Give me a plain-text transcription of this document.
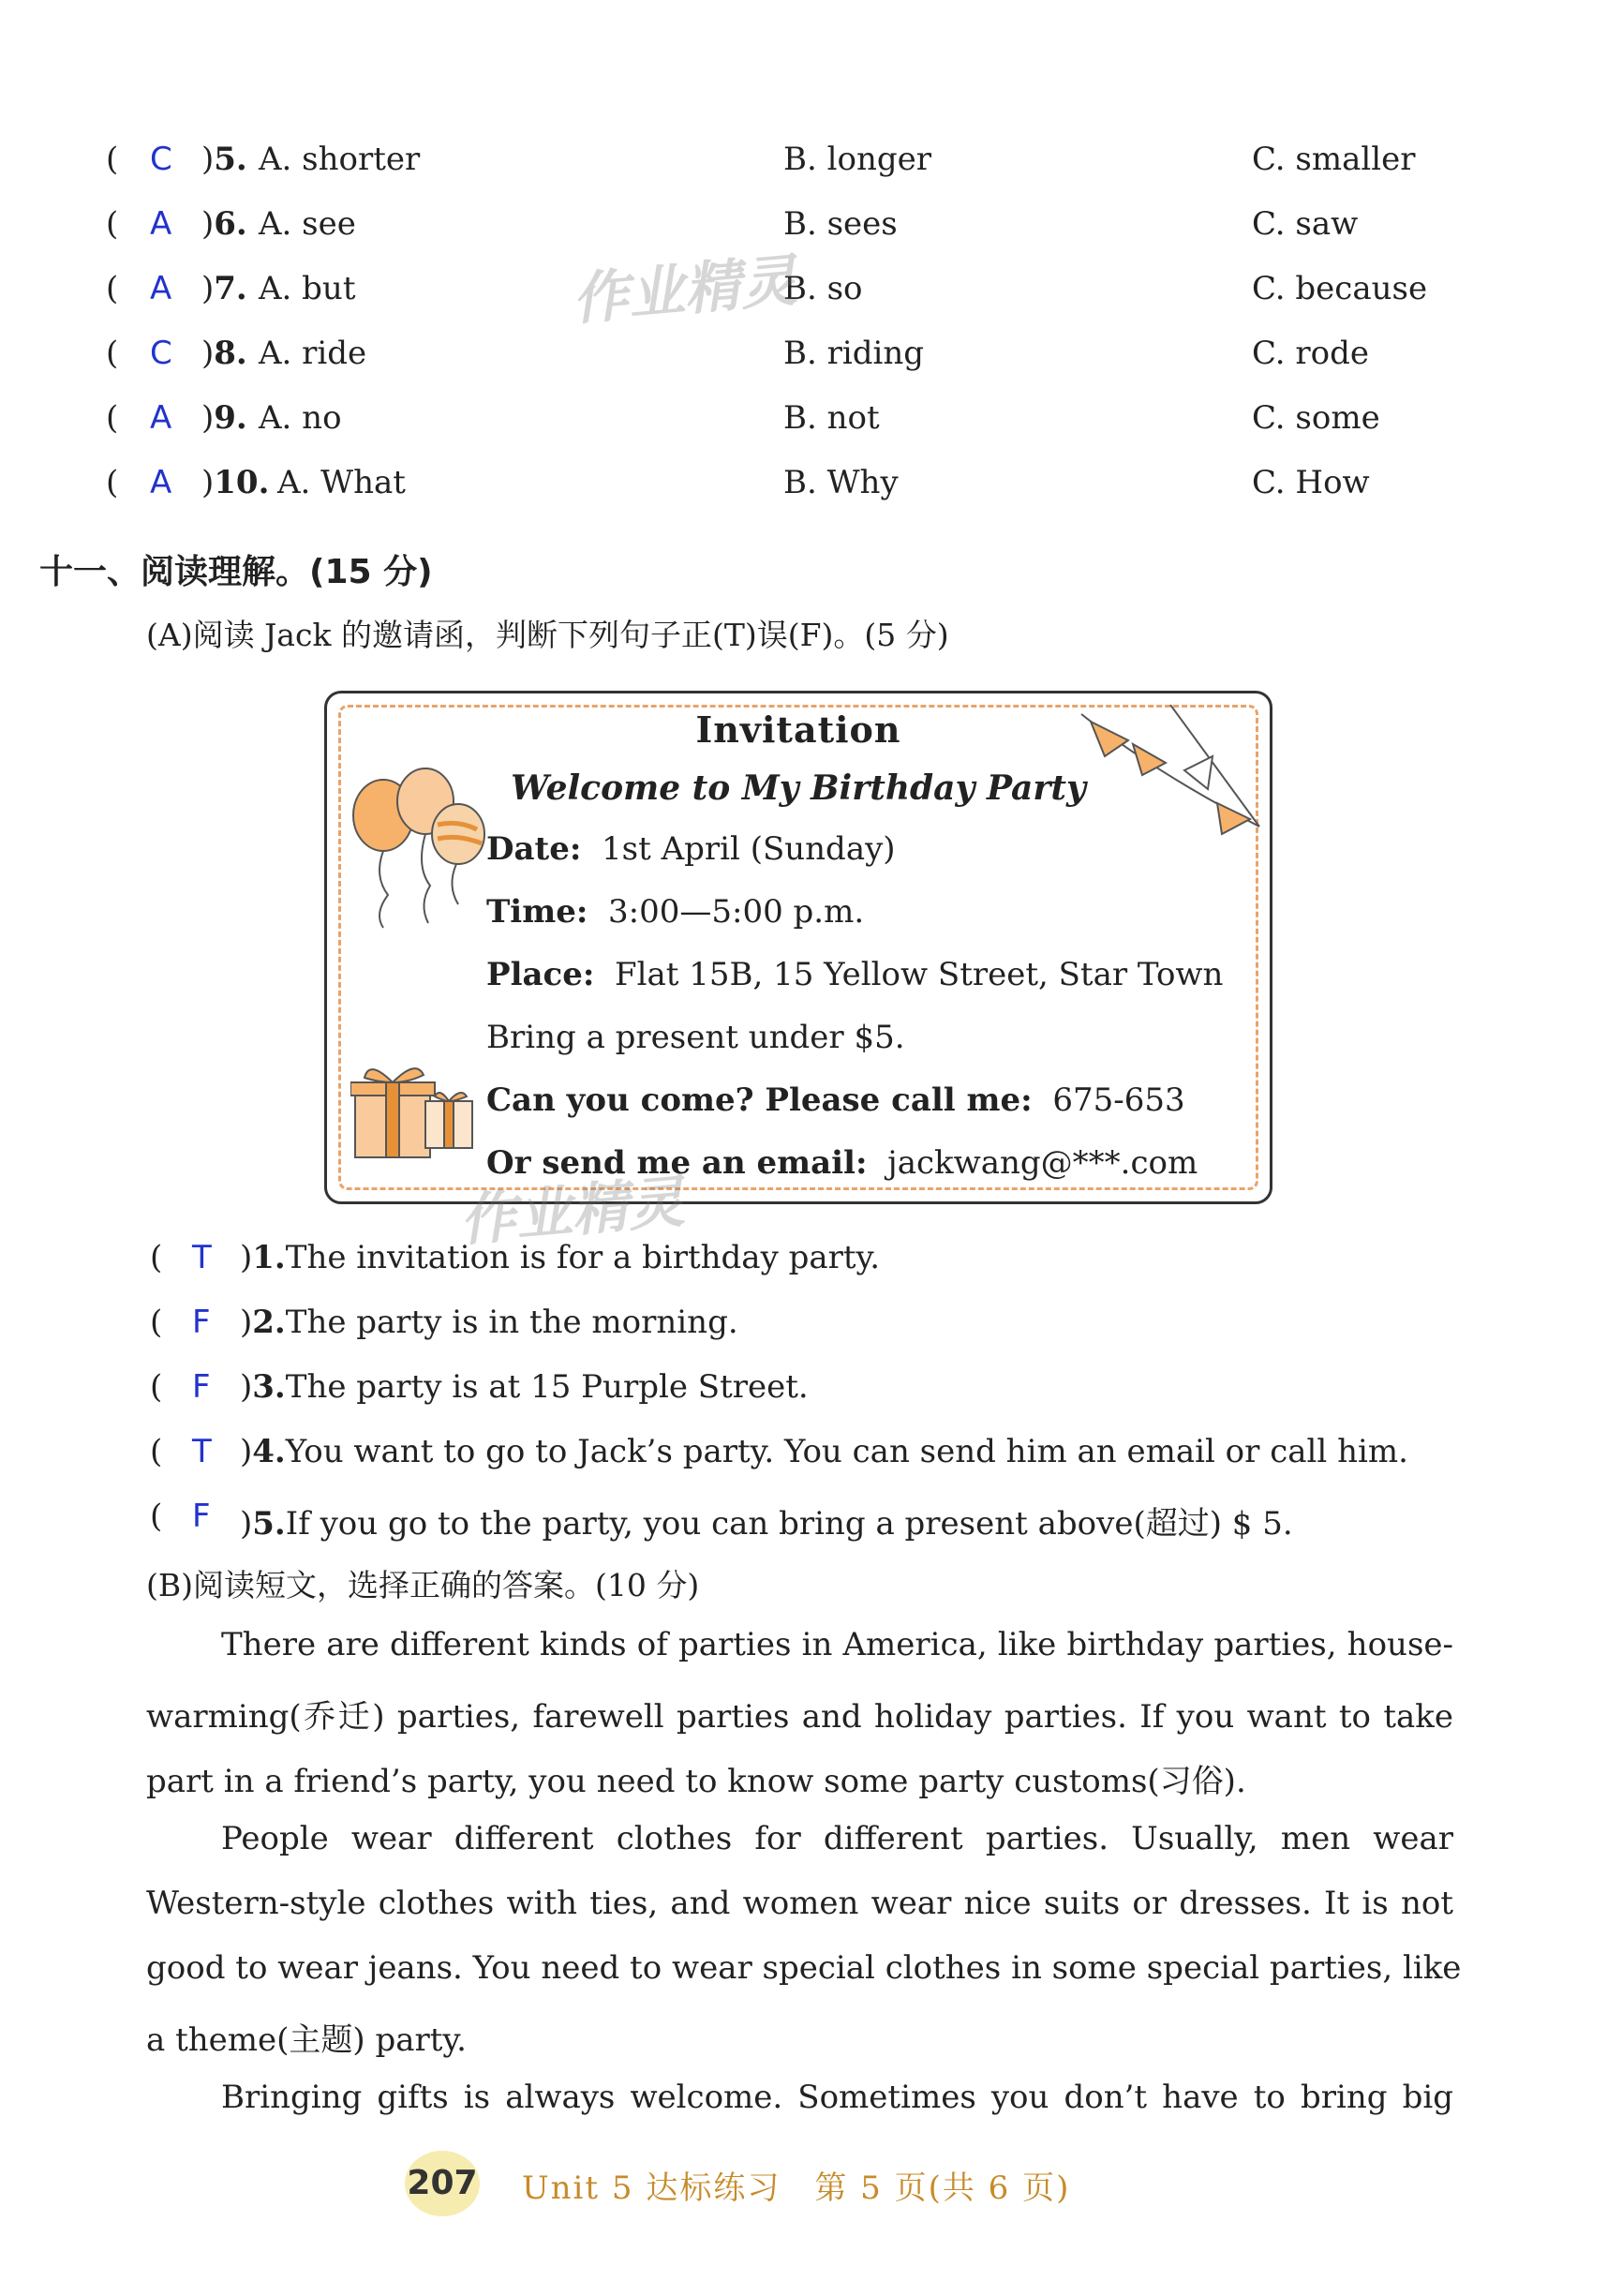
( C )5. A. shorter	B. longer	C. smaller
( A )6. A. see	B. sees	C. saw
( A )7. A. but	B. so	C. because
( C )8. A. ride	B. riding	C. rode
( A )9. A. no	B. not	C. some
( A )10. A. What	B. Why	C. How
十一、阅读理解。(15 分)
(A)阅读 Jack 的邀请函，判断下列句子正(T)误(F)。(5 分)
Invitation
Welcome to My Birthday Party
Date: 1st April (Sunday)
Time: 3:00—5:00 p.m.
Place: Flat 15B, 15 Yellow Street, Star Town
Bring a present under $5.
Can you come? Please call me: 675-653
Or send me an email: jackwang@***.com
( T )1.The invitation is for a birthday party.
( F )2.The party is in the morning.
( F )3.The party is at 15 Purple Street.
( T )4.You want to go to Jack’s party. You can send him an email or call him.
( F )5.If you go to the party, you can bring a present above(超过) $ 5.
(B)阅读短文，选择正确的答案。(10 分)
There are different kinds of parties in America, like birthday parties, house-
warming(乔迁) parties, farewell parties and holiday parties. If you want to take
part in a friend’s party, you need to know some party customs(习俗).
People wear different clothes for different parties. Usually, men wear
Western-style clothes with ties, and women wear nice suits or dresses. It is not
good to wear jeans. You need to wear special clothes in some special parties, like
a theme(主题) party.
Bringing gifts is always welcome. Sometimes you don’t have to bring big
207 Unit 5 达标练习　第 5 页(共 6 页)
作业精灵
作业精灵
